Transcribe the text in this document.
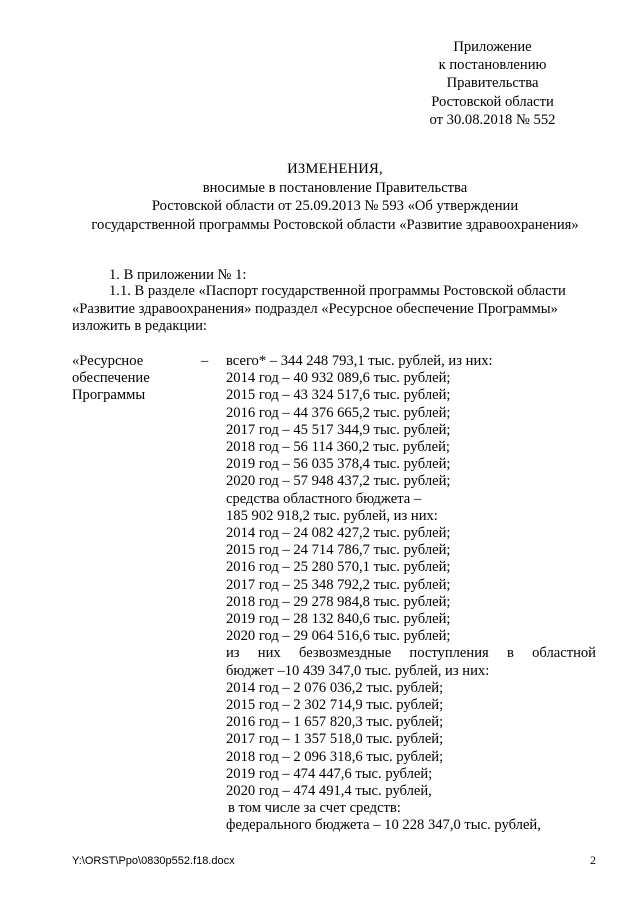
Приложение
к постановлению
Правительства
Ростовской области
от 30.08.2018 № 552
ИЗМЕНЕНИЯ,
вносимые в постановление Правительства
Ростовской области от 25.09.2013 № 593 «Об утверждении
государственной программы Ростовской области «Развитие здравоохранения»
1. В приложении № 1:
1.1. В разделе «Паспорт государственной программы Ростовской области
«Развитие здравоохранения» подраздел «Ресурсное обеспечение Программы»
изложить в редакции:
«Ресурсное
обеспечение
Программы
– всего* – 344 248 793,1 тыс. рублей, из них:
2014 год – 40 932 089,6 тыс. рублей;
2015 год – 43 324 517,6 тыс. рублей;
2016 год – 44 376 665,2 тыс. рублей;
2017 год – 45 517 344,9 тыс. рублей;
2018 год – 56 114 360,2 тыс. рублей;
2019 год – 56 035 378,4 тыс. рублей;
2020 год – 57 948 437,2 тыс. рублей;
средства областного бюджета –
185 902 918,2 тыс. рублей, из них:
2014 год – 24 082 427,2 тыс. рублей;
2015 год – 24 714 786,7 тыс. рублей;
2016 год – 25 280 570,1 тыс. рублей;
2017 год – 25 348 792,2 тыс. рублей;
2018 год – 29 278 984,8 тыс. рублей;
2019 год – 28 132 840,6 тыс. рублей;
2020 год – 29 064 516,6 тыс. рублей;
из них безвозмездные поступления в областной
бюджет –10 439 347,0 тыс. рублей, из них:
2014 год – 2 076 036,2 тыс. рублей;
2015 год – 2 302 714,9 тыс. рублей;
2016 год – 1 657 820,3 тыс. рублей;
2017 год – 1 357 518,0 тыс. рублей;
2018 год – 2 096 318,6 тыс. рублей;
2019 год – 474 447,6 тыс. рублей;
2020 год – 474 491,4 тыс. рублей,
в том числе за счет средств:
федерального бюджета – 10 228 347,0 тыс. рублей,
Y:\ORST\Ppo\0830p552.f18.docx	2
